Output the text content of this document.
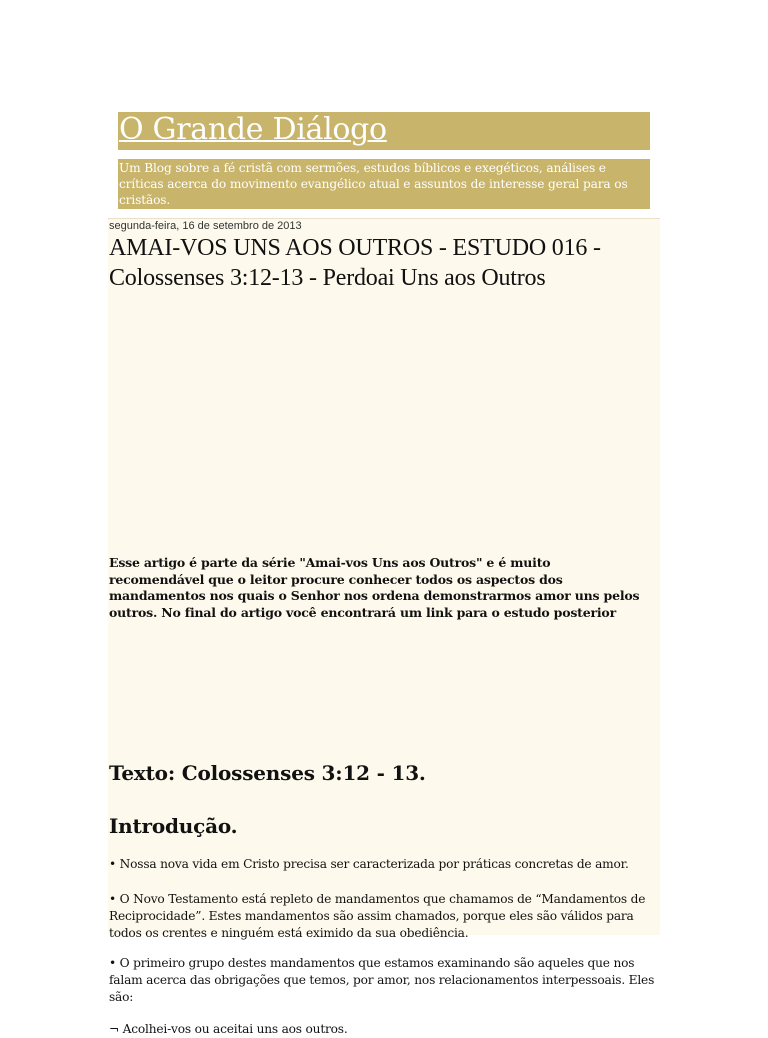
O Grande Diálogo
Um Blog sobre a fé cristã com sermões, estudos bíblicos e exegéticos, análises e críticas acerca do movimento evangélico atual e assuntos de interesse geral para os cristãos.
segunda-feira, 16 de setembro de 2013
AMAI-VOS UNS AOS OUTROS - ESTUDO 016 - Colossenses 3:12-13 - Perdoai Uns aos Outros

Esse artigo é parte da série "Amai-vos Uns aos Outros" e é muito recomendável que o leitor procure conhecer todos os aspectos dos mandamentos nos quais o Senhor nos ordena demonstrarmos amor uns pelos outros. No final do artigo você encontrará um link para o estudo posterior

Texto: Colossenses 3:12 - 13.
Introdução.

• Nossa nova vida em Cristo precisa ser caracterizada por práticas concretas de amor.

• O Novo Testamento está repleto de mandamentos que chamamos de “Mandamentos de Reciprocidade”. Estes mandamentos são assim chamados, porque eles são válidos para todos os crentes e ninguém está eximido da sua obediência.

• O primeiro grupo destes mandamentos que estamos examinando são aqueles que nos falam acerca das obrigações que temos, por amor, nos relacionamentos interpessoais. Eles são:

¬ Acolhei-vos ou aceitai uns aos outros.
